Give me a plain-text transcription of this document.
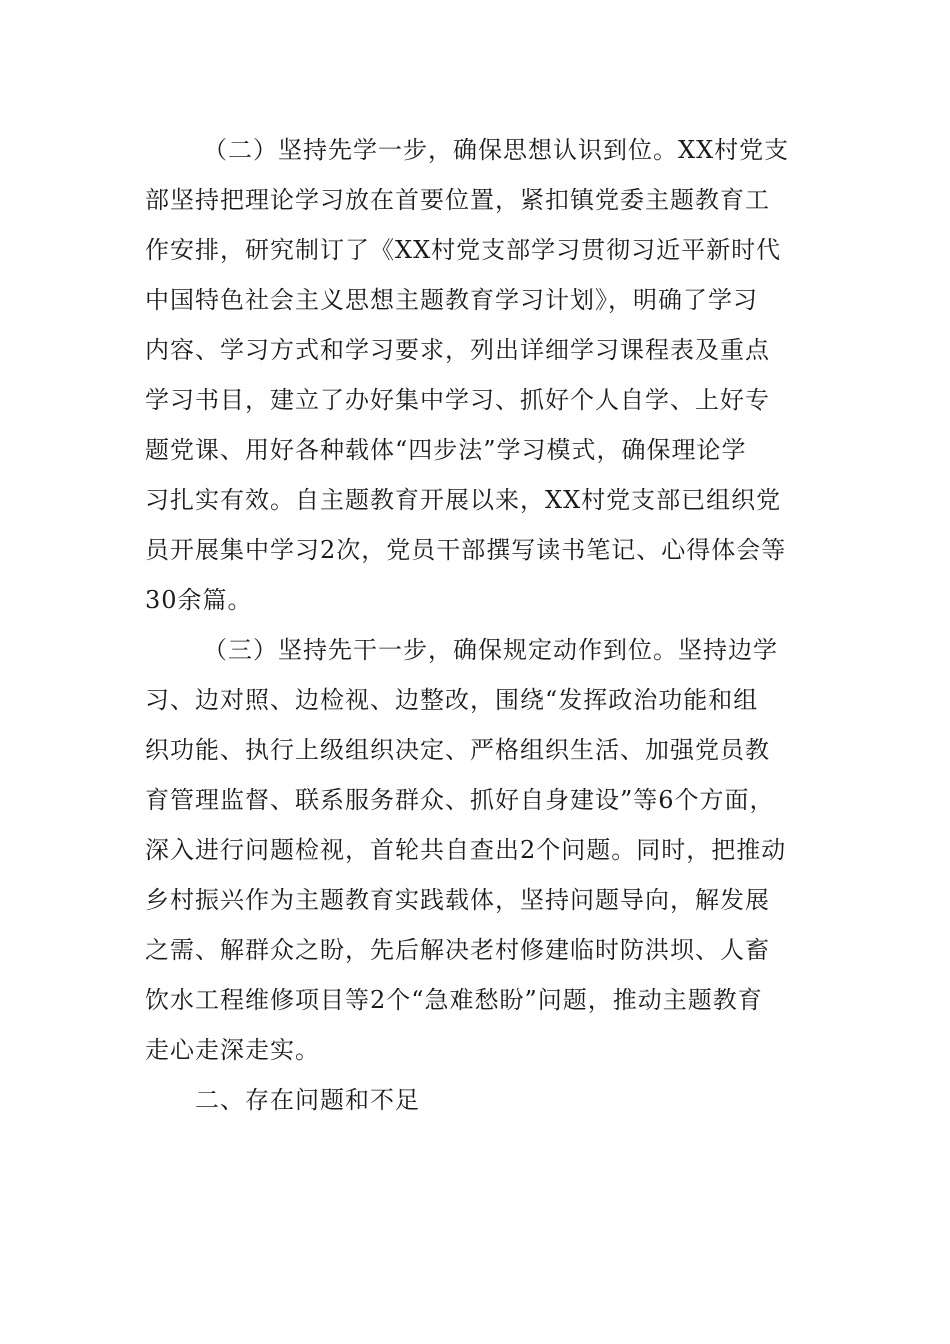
（二）坚持先学一步，确保思想认识到位。XX村党支
部坚持把理论学习放在首要位置，紧扣镇党委主题教育工
作安排，研究制订了《XX村党支部学习贯彻习近平新时代
中国特色社会主义思想主题教育学习计划》，明确了学习
内容、学习方式和学习要求，列出详细学习课程表及重点
学习书目，建立了办好集中学习、抓好个人自学、上好专
题党课、用好各种载体“四步法”学习模式，确保理论学
习扎实有效。自主题教育开展以来，XX村党支部已组织党
员开展集中学习2次，党员干部撰写读书笔记、心得体会等
30余篇。
（三）坚持先干一步，确保规定动作到位。坚持边学
习、边对照、边检视、边整改，围绕“发挥政治功能和组
织功能、执行上级组织决定、严格组织生活、加强党员教
育管理监督、联系服务群众、抓好自身建设”等6个方面，
深入进行问题检视，首轮共自查出2个问题。同时，把推动
乡村振兴作为主题教育实践载体，坚持问题导向，解发展
之需、解群众之盼，先后解决老村修建临时防洪坝、人畜
饮水工程维修项目等2个“急难愁盼”问题，推动主题教育
走心走深走实。
二、存在问题和不足
